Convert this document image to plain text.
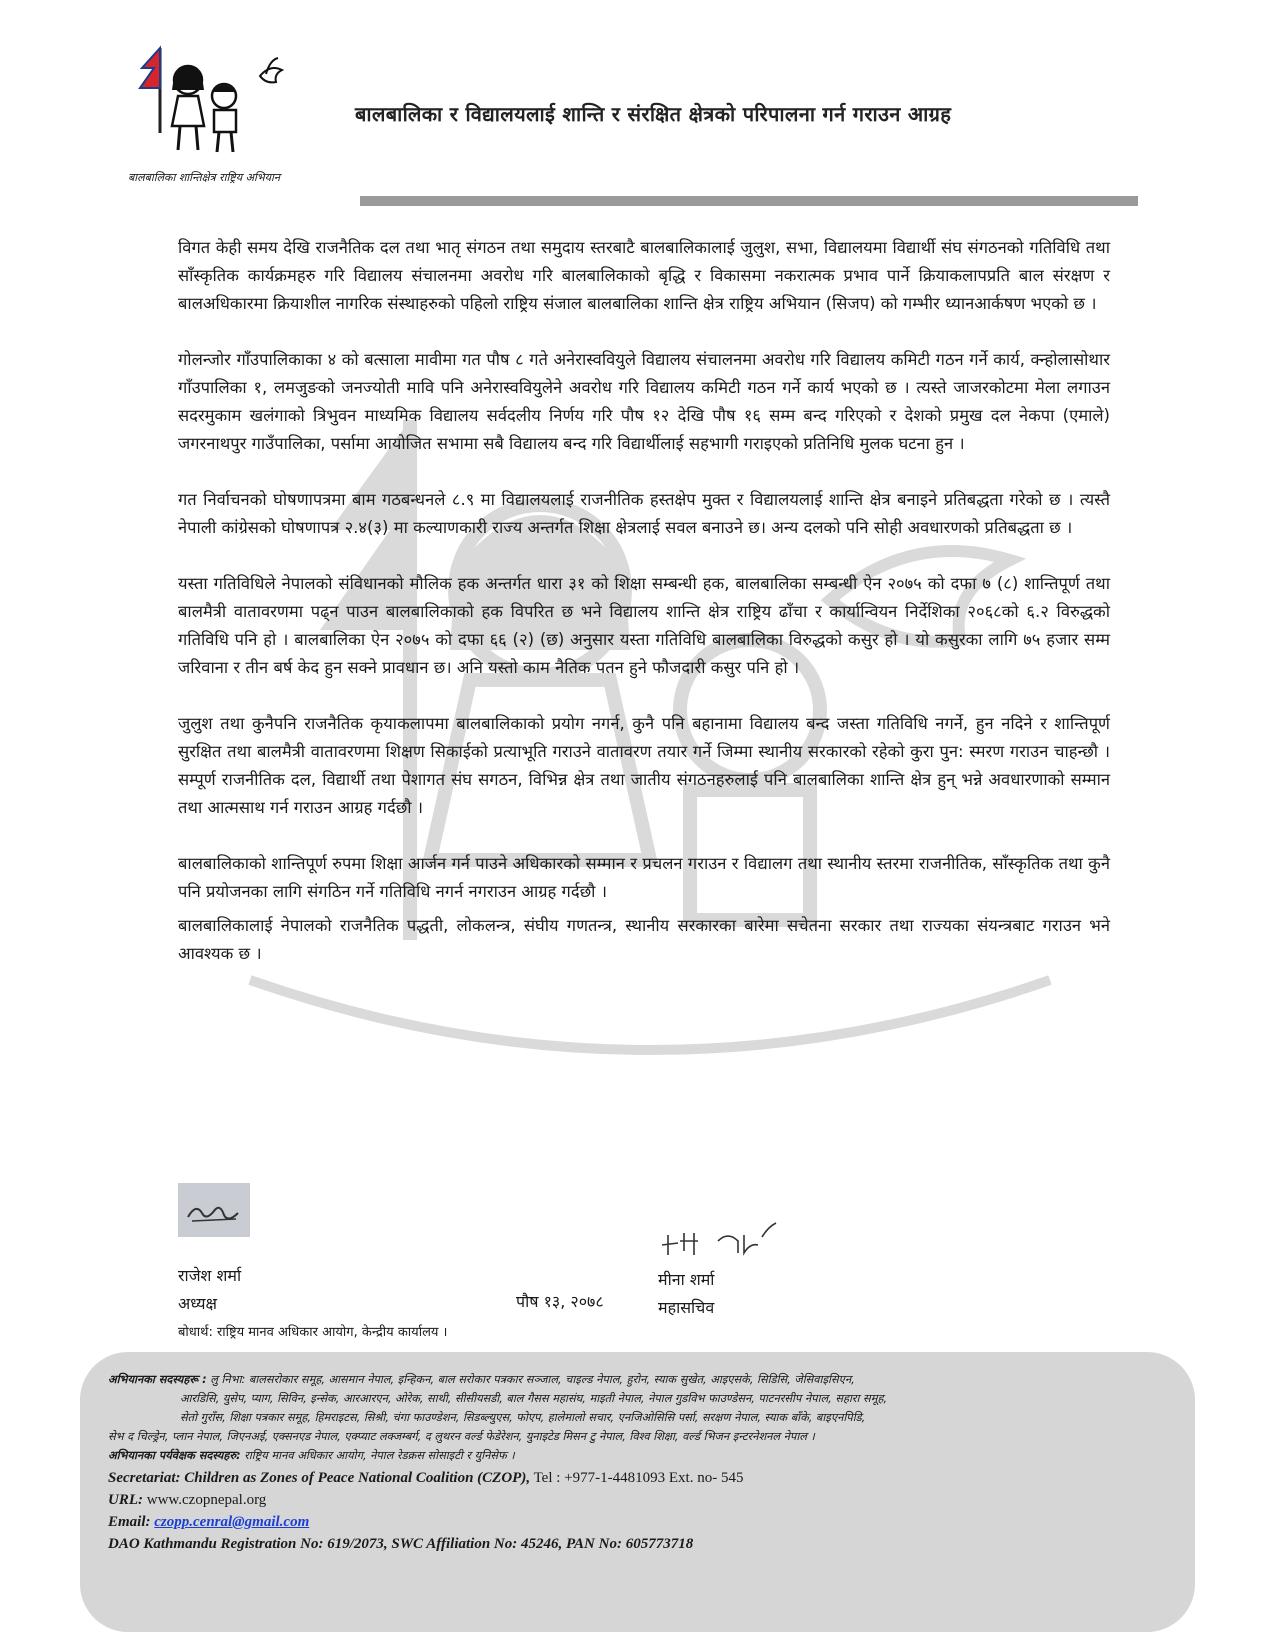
बालबालिका शान्तिक्षेत्र राष्ट्रिय अभियान
बालबालिका र विद्यालयलाई शान्ति र संरक्षित क्षेत्रको परिपालना गर्न गराउन आग्रह

विगत केही समय देखि राजनैतिक दल तथा भातृ संगठन तथा समुदाय स्तरबाटै बालबालिकालाई जुलुश, सभा, विद्यालयमा विद्यार्थी संघ संगठनको गतिविधि तथा साँस्कृतिक कार्यक्रमहरु गरि विद्यालय संचालनमा अवरोध गरि बालबालिकाको बृद्धि र विकासमा नकरात्मक प्रभाव पार्ने क्रियाकलापप्रति बाल संरक्षण र बालअधिकारमा क्रियाशील नागरिक संस्थाहरुको पहिलो राष्ट्रिय संजाल बालबालिका शान्ति क्षेत्र राष्ट्रिय अभियान (सिजप) को गम्भीर ध्यानआर्कषण भएको छ ।

गोलन्जोर गाँउपालिकाका ४ को बत्साला मावीमा गत पौष ८ गते अनेरास्ववियुले विद्यालय संचालनमा अवरोध गरि विद्यालय कमिटी गठन गर्ने कार्य, क्न्होलासोथार गाँउपालिका १, लमजुङको जनज्योती मावि पनि अनेरास्ववियुलेने अवरोध गरि विद्यालय कमिटी गठन गर्ने कार्य भएको छ । त्यस्ते जाजरकोटमा मेला लगाउन सदरमुकाम खलंगाको त्रिभुवन माध्यमिक विद्यालय सर्वदलीय निर्णय गरि पौष १२ देखि पौष १६ सम्म बन्द गरिएको र देशको प्रमुख दल नेकपा (एमाले) जगरनाथपुर गाउँपालिका, पर्सामा आयोजित सभामा सबै विद्यालय बन्द गरि विद्यार्थीलाई सहभागी गराइएको प्रतिनिधि मुलक घटना हुन ।

गत निर्वाचनको घोषणापत्रमा बाम गठबन्धनले ८.९ मा विद्यालयलाई राजनीतिक हस्तक्षेप मुक्त र विद्यालयलाई शान्ति क्षेत्र बनाइने प्रतिबद्धता गरेको छ । त्यस्तै नेपाली कांग्रेसको घोषणापत्र २.४(३) मा कल्याणकारी राज्य अन्तर्गत शिक्षा क्षेत्रलाई सवल बनाउने छ। अन्य दलको पनि सोही अवधारणको प्रतिबद्धता छ ।

यस्ता गतिविधिले नेपालको संविधानको मौलिक हक अन्तर्गत धारा ३१ को शिक्षा सम्बन्धी हक, बालबालिका सम्बन्धी ऐन २०७५ को दफा ७ (८) शान्तिपूर्ण तथा बालमैत्री वातावरणमा पढ्न पाउन बालबालिकाको हक विपरित छ भने विद्यालय शान्ति क्षेत्र राष्ट्रिय ढाँचा र कार्यान्वियन निर्देशिका २०६८को ६.२ विरुद्धको गतिविधि पनि हो । बालबालिका ऐन २०७५ को दफा ६६ (२) (छ) अनुसार यस्ता गतिविधि बालबालिका विरुद्धको कसुर हो । यो कसुरका लागि ७५ हजार सम्म जरिवाना र तीन बर्ष केद हुन सक्ने प्रावधान छ। अनि यस्तो काम नैतिक पतन हुने फौजदारी कसुर पनि हो ।

जुलुश तथा कुनैपनि राजनैतिक कृयाकलापमा बालबालिकाको प्रयोग नगर्न, कुनै पनि बहानामा विद्यालय बन्द जस्ता गतिविधि नगर्ने, हुन नदिने र शान्तिपूर्ण सुरक्षित तथा बालमैत्री वातावरणमा शिक्षण सिकाईको प्रत्याभूति गराउने वातावरण तयार गर्ने जिम्मा स्थानीय सरकारको रहेको कुरा पुन: स्मरण गराउन चाहन्छौ । सम्पूर्ण राजनीतिक दल, विद्यार्थी तथा पेशागत संघ सगठन, विभिन्न क्षेत्र तथा जातीय संगठनहरुलाई पनि बालबालिका शान्ति क्षेत्र हुन् भन्ने अवधारणाको सम्मान तथा आत्मसाथ गर्न गराउन आग्रह गर्दछौ ।

बालबालिकाको शान्तिपूर्ण रुपमा शिक्षा आर्जन गर्न पाउने अधिकारको सम्मान र प्रचलन गराउन र विद्यालग तथा स्थानीय स्तरमा राजनीतिक, साँस्कृतिक तथा कुनै पनि प्रयोजनका लागि संगठिन गर्ने गतिविधि नगर्न नगराउन आग्रह गर्दछौ ।

बालबालिकालाई नेपालको राजनैतिक पद्धती, लोकलन्त्र, संघीय गणतन्त्र, स्थानीय सरकारका बारेमा सचेतना सरकार तथा राज्यका संयन्त्रबाट गराउन भने आवश्यक छ ।

राजेश शर्मा
अध्यक्ष	पौष १३, २०७८
मीना शर्मा
महासचिव
बोधार्थ: राष्ट्रिय मानव अधिकार आयोग, केन्द्रीय कार्यालय ।
अभियानका सदस्यहरू : लु निभा: बालसरोकार समूह, आसमान नेपाल, इन्हिकन, बाल सरोकार पत्रकार सञ्जाल, चाइल्ड नेपाल, हुरोन, स्याक सुखेत, आइएसके, सिडिसि, जेसिवाइसिएन,
आरडिसि, युसेप, प्याग, सिविन, इन्सेक, आरआरएन, ओरेक, साथी, सीसीयसडी, बाल गैसस महासंघ, माइती नेपाल, नेपाल गुडविभ फाउण्डेसन, पाटनरसीप नेपाल, सहारा समूह,
सेतो गुराँस, शिक्षा पत्रकार समूह, हिमराइटस, सिश्री, चंगा फाउण्डेशन, सिडब्ल्युएस, फोएप, हालेमालो सचार, एनजिओसिसि पर्सा, सरक्षण नेपाल, स्याक बाँके, बाइएनपिडि,
सेभ द चिल्ड्रेन, प्लान नेपाल, जिएनअई, एक्सनएड नेपाल, एक्प्याट लक्जम्बर्ग, द लुथरन वर्ल्ड फेडेरेशन, युनाइटेड मिसन टु नेपाल, विश्व शिक्षा, वर्ल्ड भिजन इन्टरनेशनल नेपाल ।
अभियानका पर्यवेक्षक सदस्यहरु: राष्ट्रिय मानव अधिकार आयोग, नेपाल रेडक्रस सोसाइटी र युनिसेफ ।
Secretariat: Children as Zones of Peace National Coalition (CZOP), Tel : +977-1-4481093 Ext. no- 545
URL: www.czopnepal.org
Email: czopp.cenral@gmail.com
DAO Kathmandu Registration No: 619/2073, SWC Affiliation No: 45246, PAN No: 605773718
